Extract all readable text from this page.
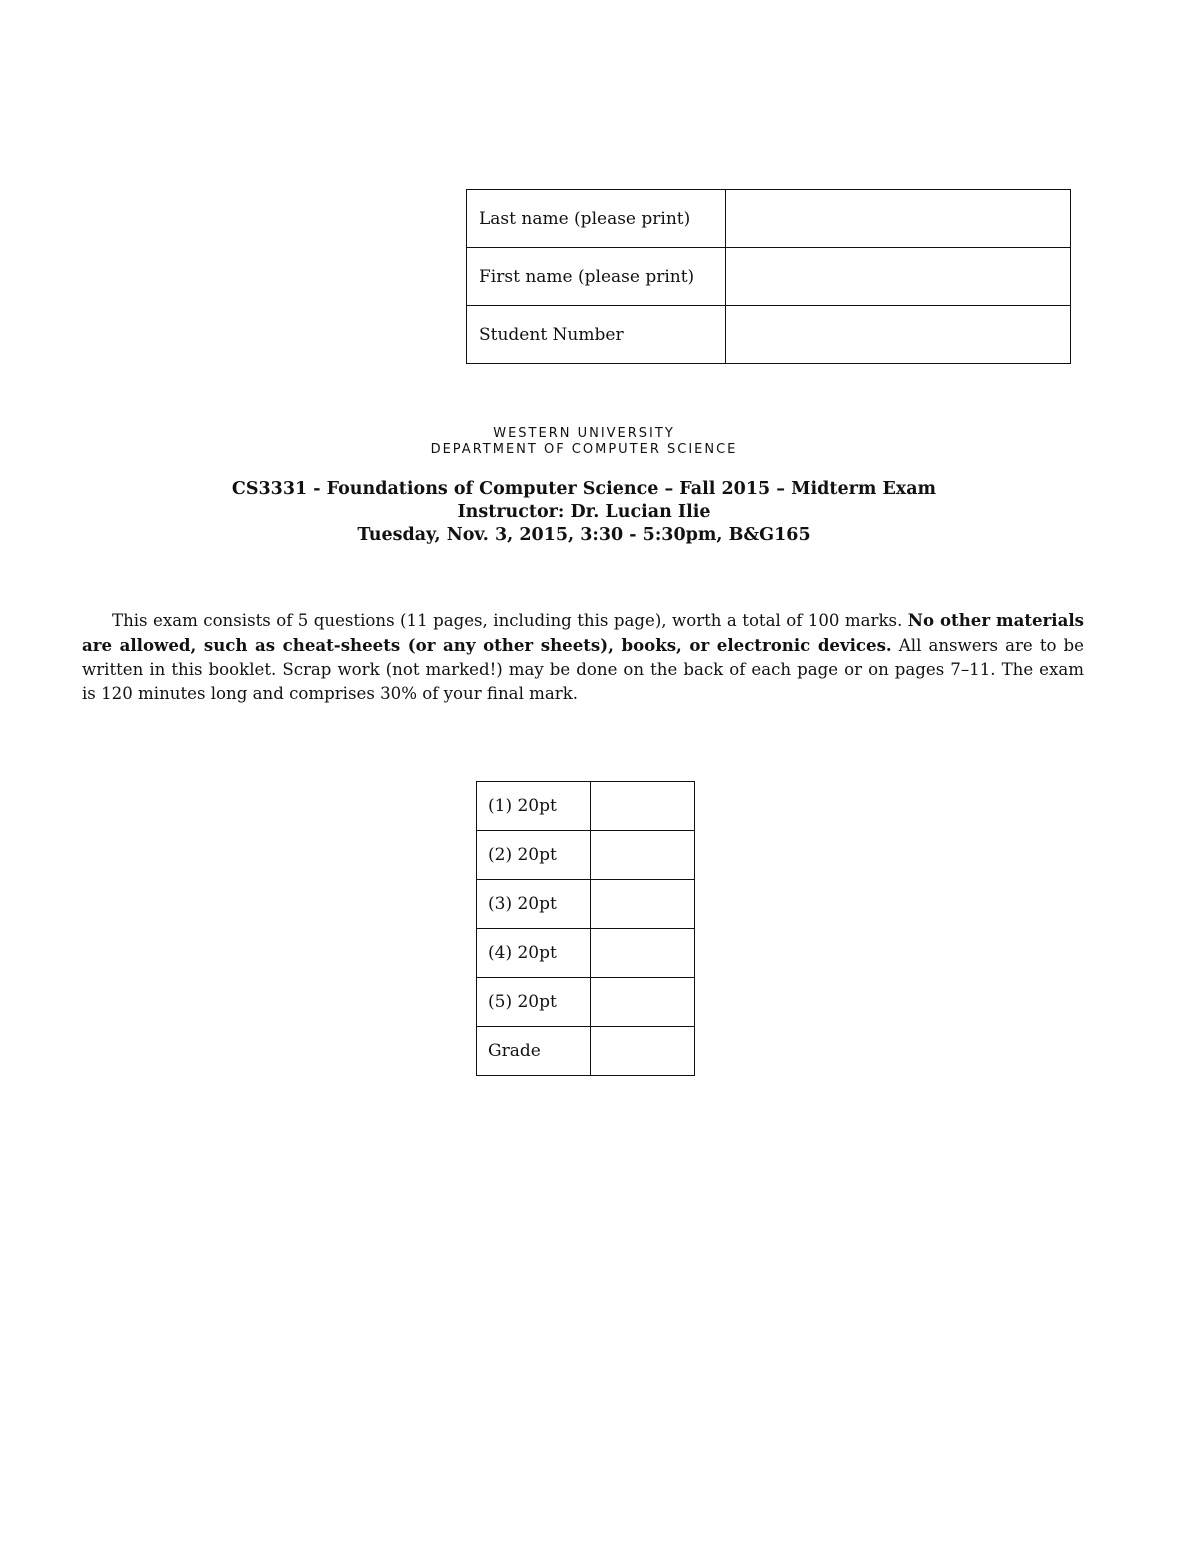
Last name (please print)	
First name (please print)	
Student Number	
WESTERN UNIVERSITY
DEPARTMENT OF COMPUTER SCIENCE
CS3331 - Foundations of Computer Science – Fall 2015 – Midterm Exam
Instructor: Dr. Lucian Ilie
Tuesday, Nov. 3, 2015, 3:30 - 5:30pm, B&G165

This exam consists of 5 questions (11 pages, including this page), worth a total of 100 marks. No other materials are allowed, such as cheat-sheets (or any other sheets), books, or electronic devices. All answers are to be written in this booklet. Scrap work (not marked!) may be done on the back of each page or on pages 7–11. The exam is 120 minutes long and comprises 30% of your final mark.

(1) 20pt	
(2) 20pt	
(3) 20pt	
(4) 20pt	
(5) 20pt	
Grade	
